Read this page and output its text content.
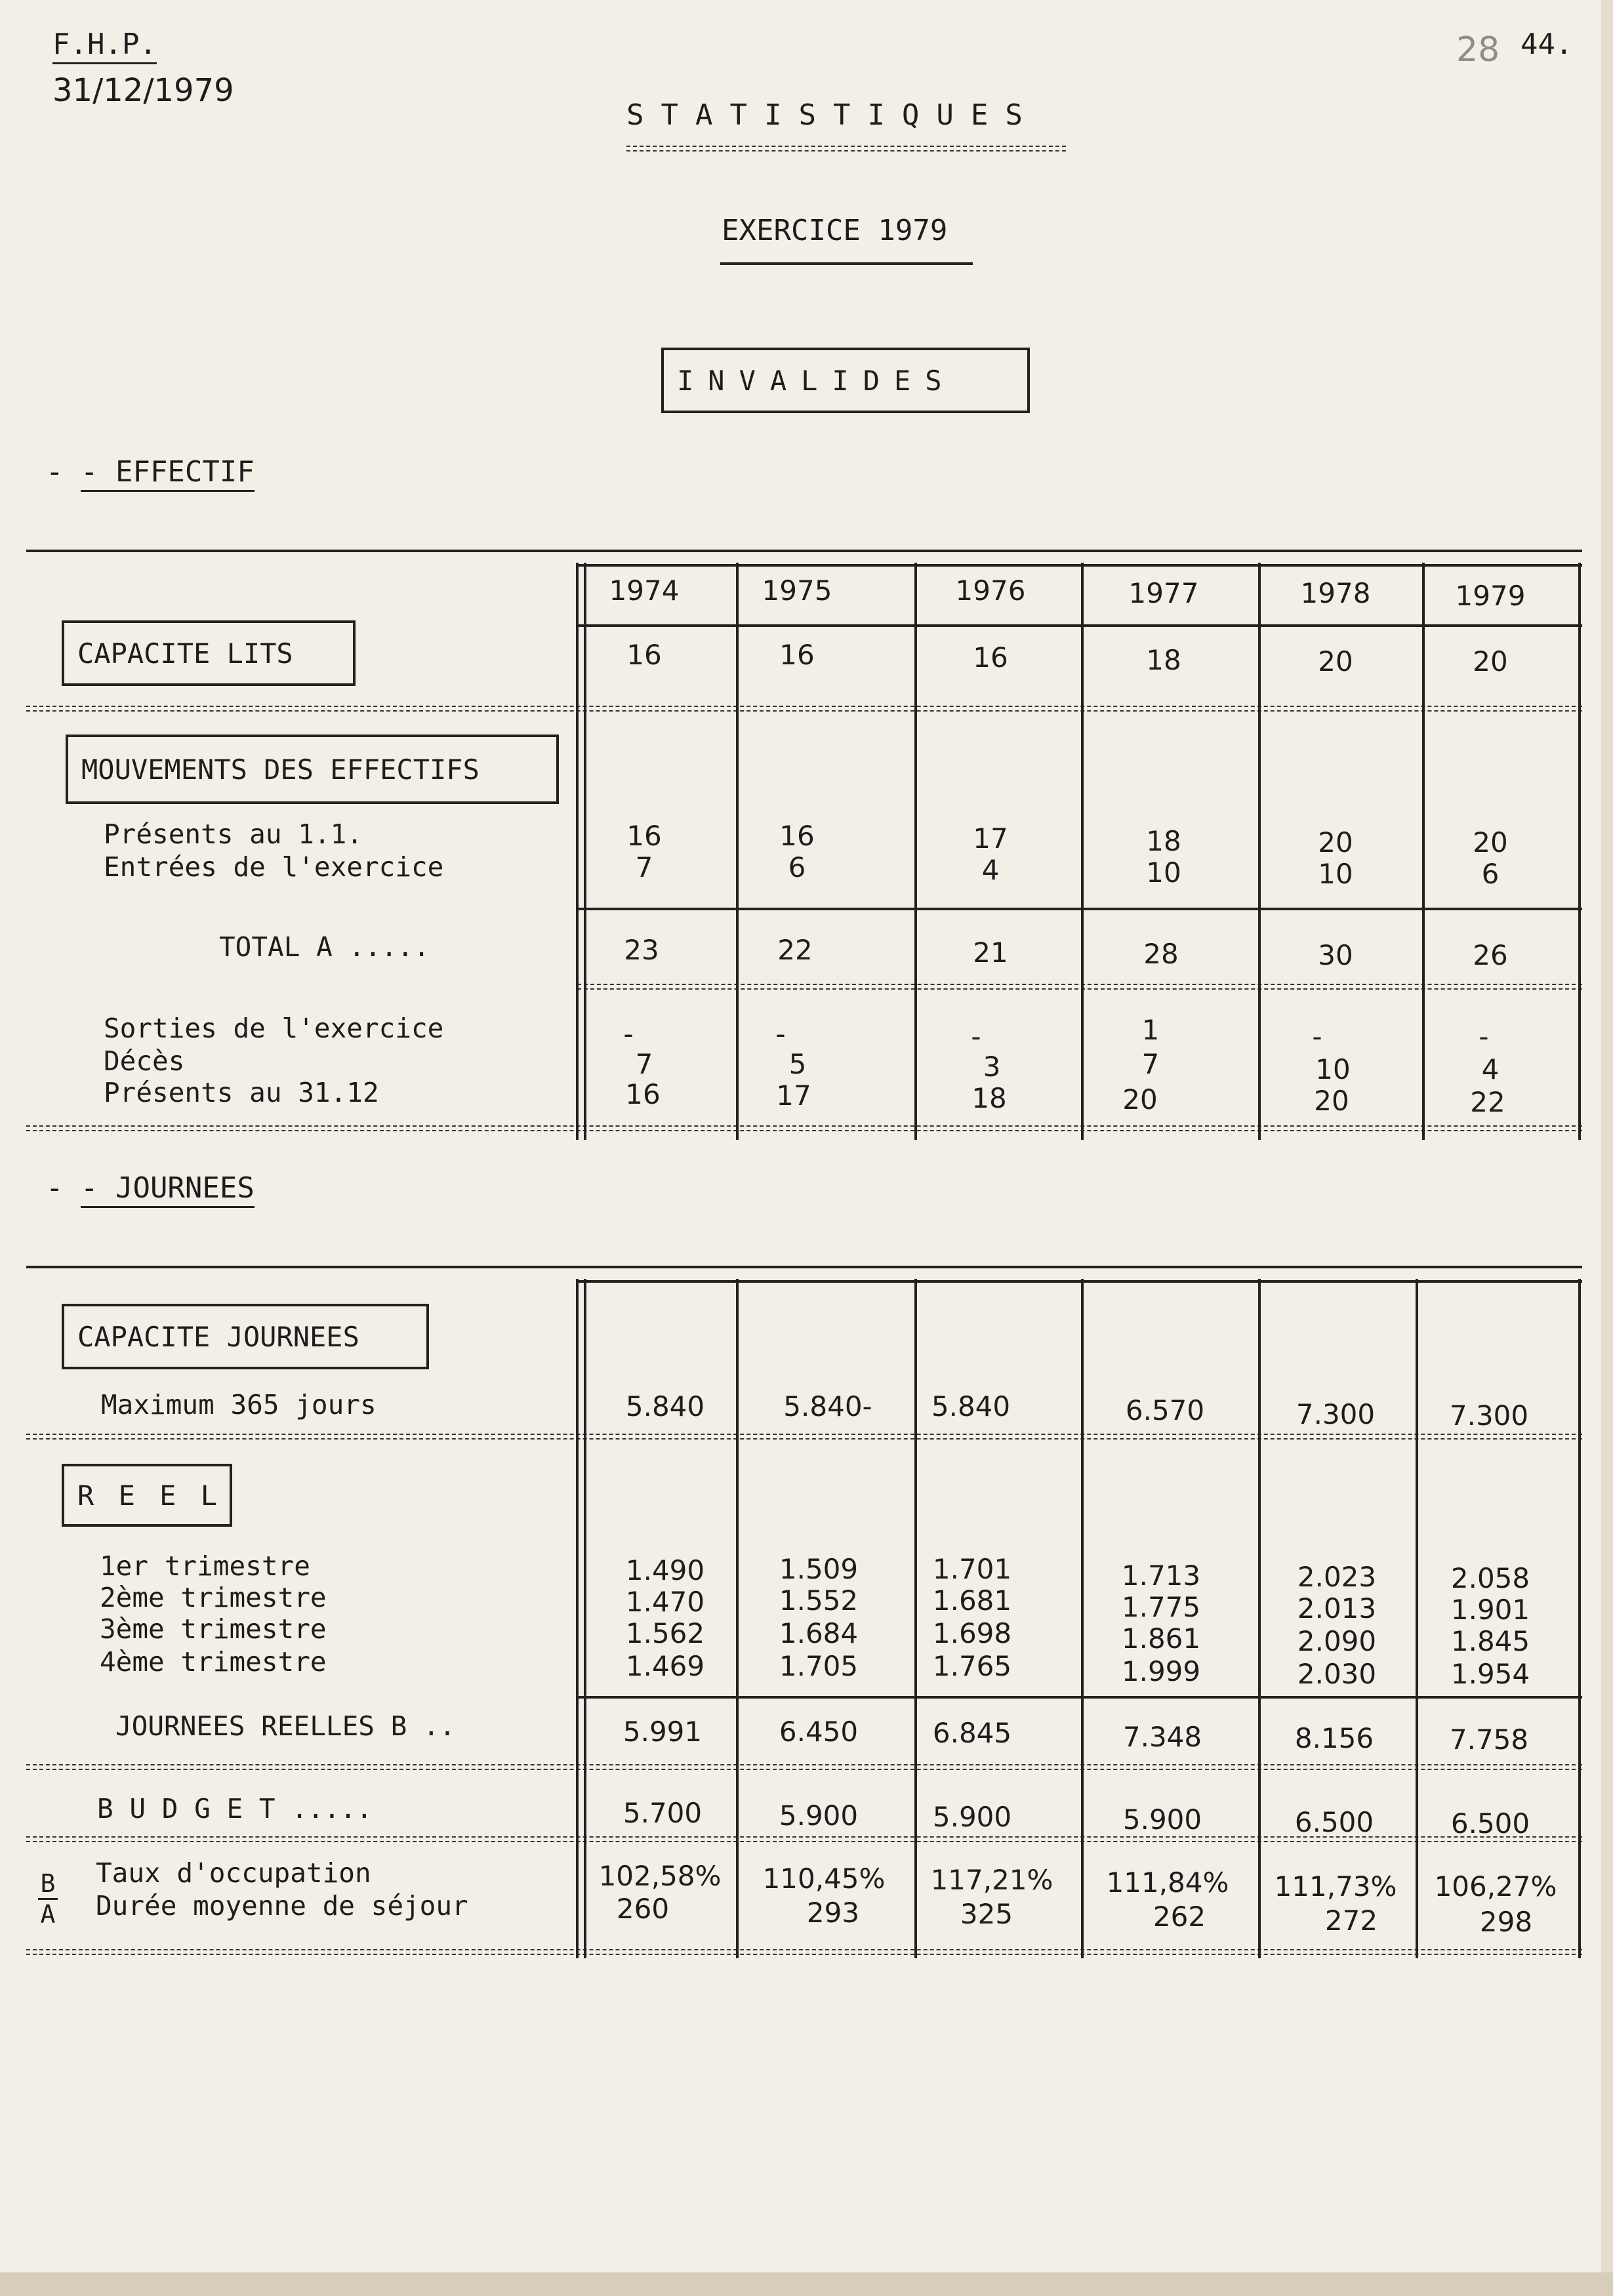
F.H.P.
31/12/1979
28 44.
STATISTIQUES
EXERCICE 1979
INVALIDES
- - EFFECTIF
1974	1975	1976	1977	1978	1979
CAPACITE LITS	16	16	16	18	20	20
MOUVEMENTS DES EFFECTIFS
Présents au 1.1.
Entrées de l'exercice
16	16	17	18	20	20
7	6	4	10	10	6
TOTAL A .....	23	22	21	28	30	26
Sorties de l'exercice
Décès
Présents au 31.12
-	-	-	1	-	-
7	5	3	7	10	4
16	17	18	20	20	22
- - JOURNEES
CAPACITE JOURNEES
Maximum 365 jours	5.840	5.840- 5.840	6.570	7.300	7.300
R E E L
1er trimestre
2ème trimestre
3ème trimestre
4ème trimestre
1.490	1.509	1.701	1.713	2.023	2.058
1.470	1.552	1.681	1.775	2.013	1.901
1.562	1.684	1.698	1.861	2.090	1.845
1.469	1.705	1.765	1.999	2.030	1.954
JOURNEES REELLES B ..	5.991	6.450	6.845	7.348	8.156	7.758
B U D G E T .....	5.700	5.900	5.900	5.900	6.500	6.500
$\frac{B}{A}$ Taux d'occupation
Durée moyenne de séjour
102,58% 110,45% 117,21% 111,84% 111,73% 106,27%
260	293	325	262	272	298
